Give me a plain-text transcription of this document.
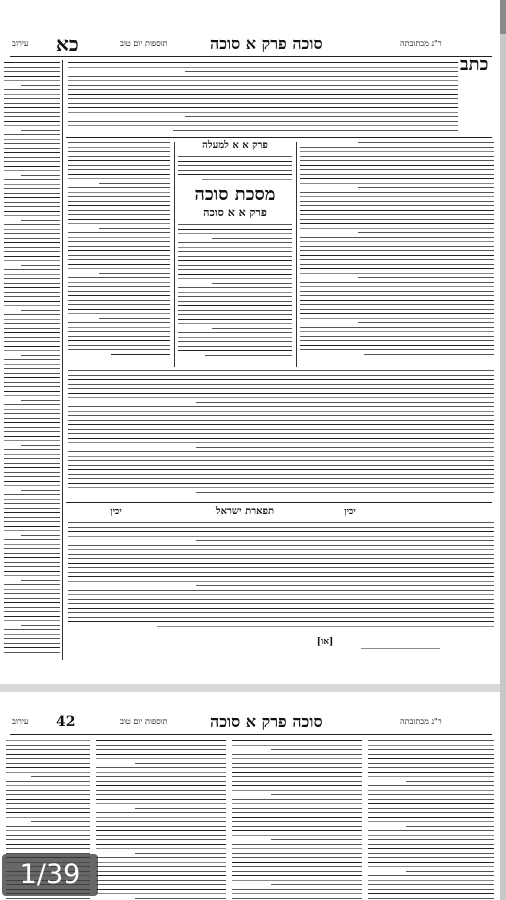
עירוב כא	תוספות יום טוב	סוכה פרק א סוכה	ר"נ מכתובתה
כתב
פרק א א למעלה
מסכת סוכה
פרק א א סוכה
יכין	תפארת ישראל	יכין
[או]
עירוב 42	תוספות יום טוב	סוכה פרק א סוכה	ר"נ מכתובתה
1/39
